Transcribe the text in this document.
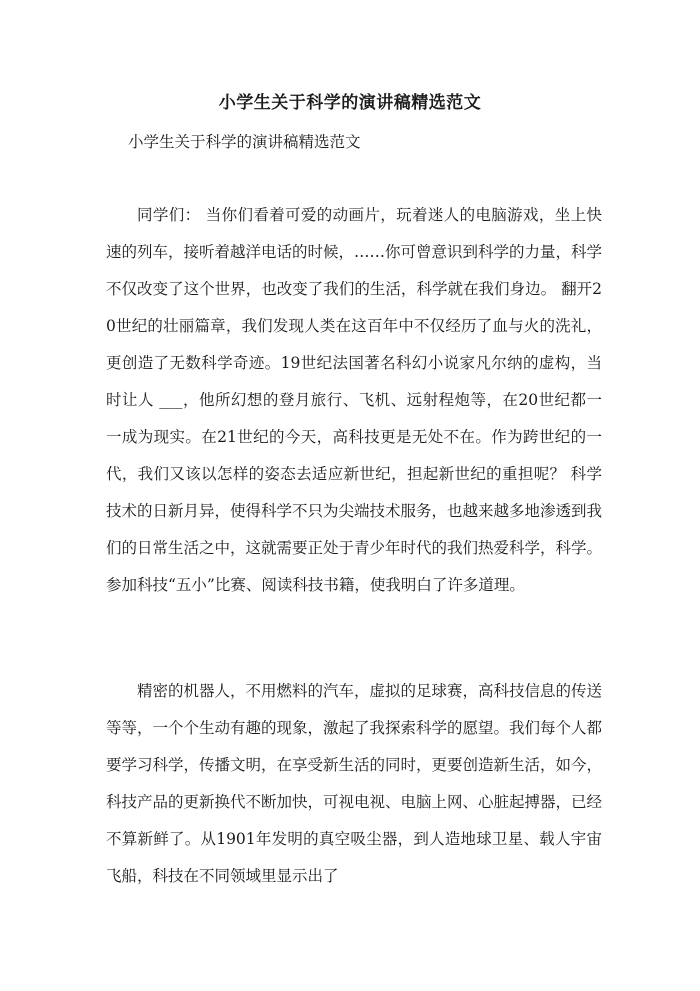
小学生关于科学的演讲稿精选范文

小学生关于科学的演讲稿精选范文

同学们： 当你们看着可爱的动画片，玩着迷人的电脑游戏，坐上快速的列车，接听着越洋电话的时候，……你可曾意识到科学的力量，科学不仅改变了这个世界，也改变了我们的生活，科学就在我们身边。 翻开20世纪的壮丽篇章，我们发现人类在这百年中不仅经历了血与火的洗礼，更创造了无数科学奇迹。19世纪法国著名科幻小说家凡尔纳的虚构，当时让人 ___，他所幻想的登月旅行、飞机、远射程炮等，在20世纪都一一成为现实。在21世纪的今天，高科技更是无处不在。作为跨世纪的一代，我们又该以怎样的姿态去适应新世纪，担起新世纪的重担呢？ 科学技术的日新月异，使得科学不只为尖端技术服务，也越来越多地渗透到我们的日常生活之中，这就需要正处于青少年时代的我们热爱科学，科学。参加科技“五小”比赛、阅读科技书籍，使我明白了许多道理。

精密的机器人，不用燃料的汽车，虚拟的足球赛，高科技信息的传送等等，一个个生动有趣的现象，激起了我探索科学的愿望。我们每个人都要学习科学，传播文明，在享受新生活的同时，更要创造新生活，如今，科技产品的更新换代不断加快，可视电视、电脑上网、心脏起搏器，已经不算新鲜了。从1901年发明的真空吸尘器，到人造地球卫星、载人宇宙飞船，科技在不同领域里显示出了
